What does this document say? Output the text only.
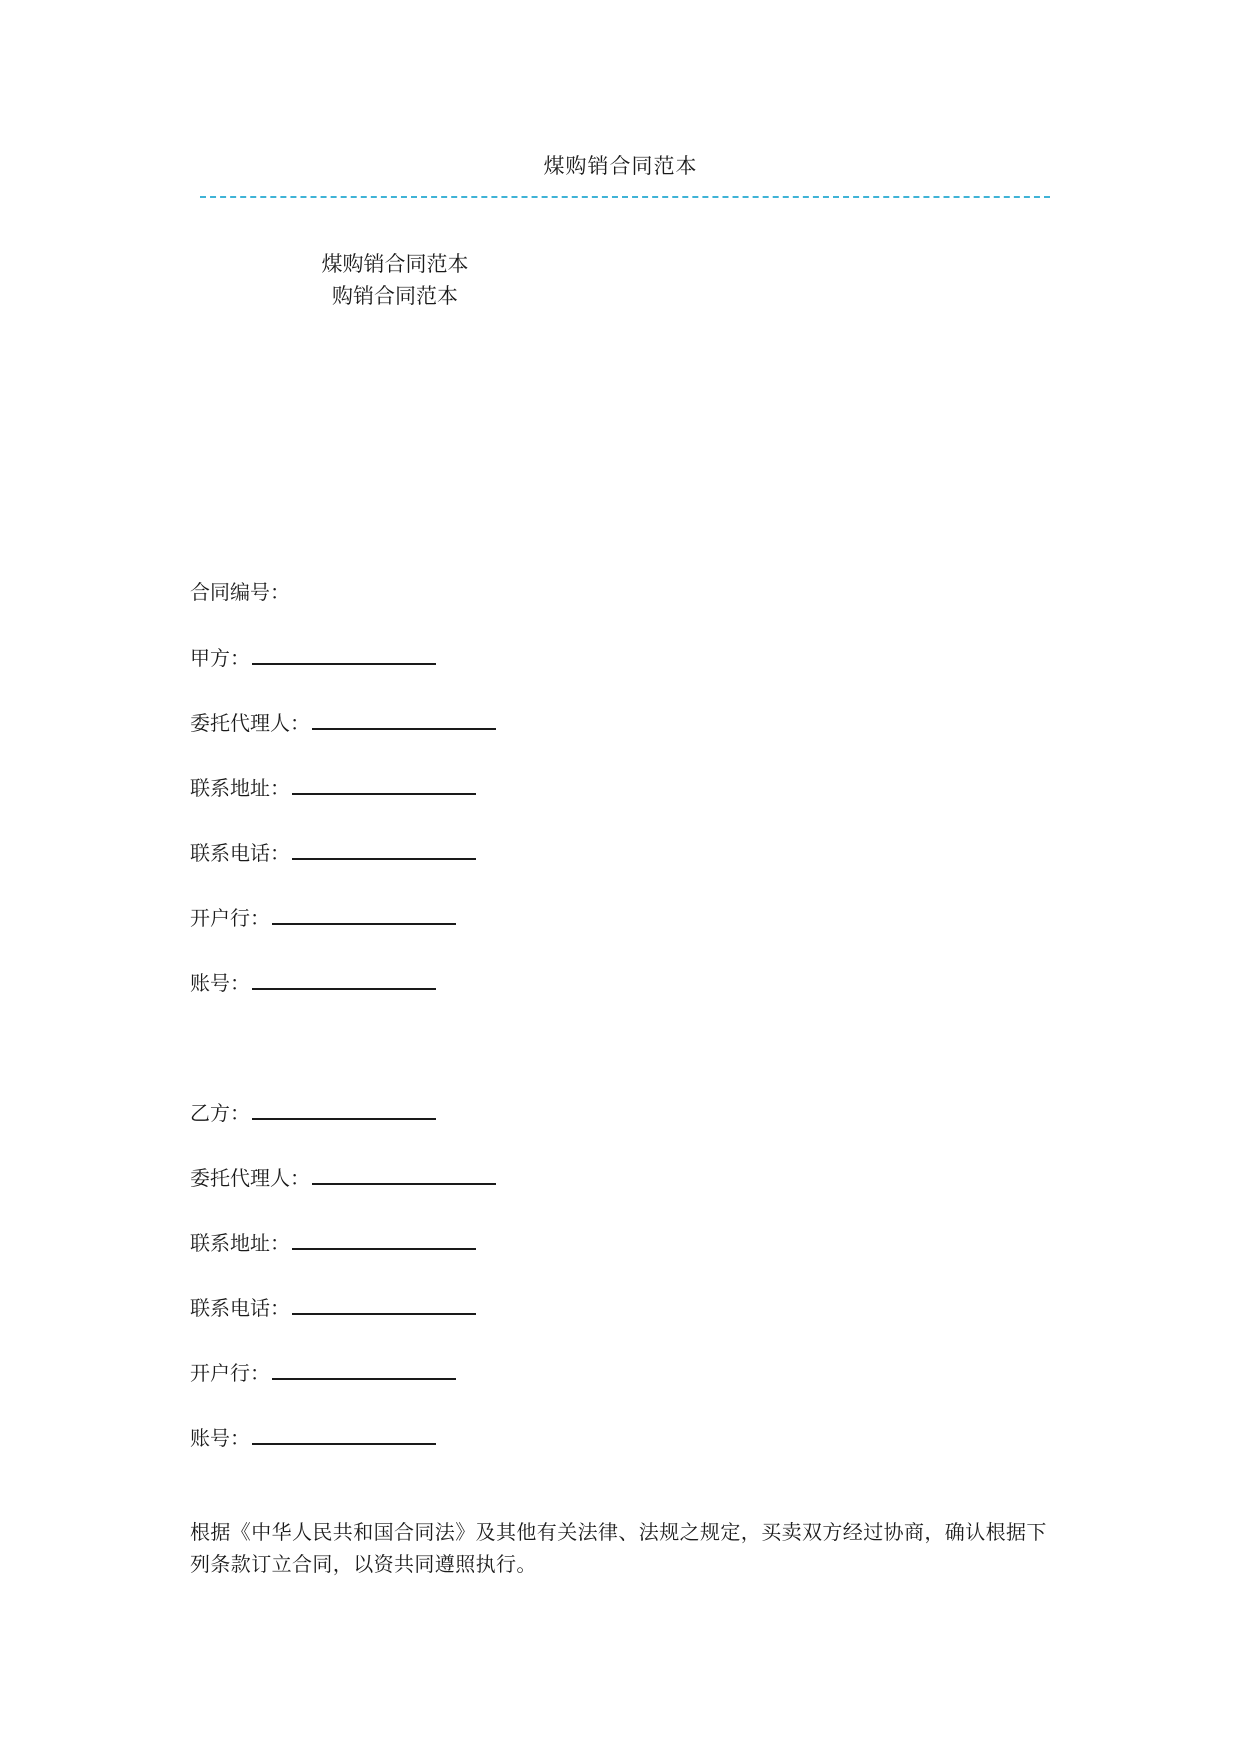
煤购销合同范本
煤购销合同范本
购销合同范本
合同编号：
甲方：
委托代理人：
联系地址：
联系电话：
开户行：
账号：
乙方：
委托代理人：
联系地址：
联系电话：
开户行：
账号：
根据《中华人民共和国合同法》及其他有关法律、法规之规定，买卖双方经过协商，确认根据下列条款订立合同，以资共同遵照执行。
